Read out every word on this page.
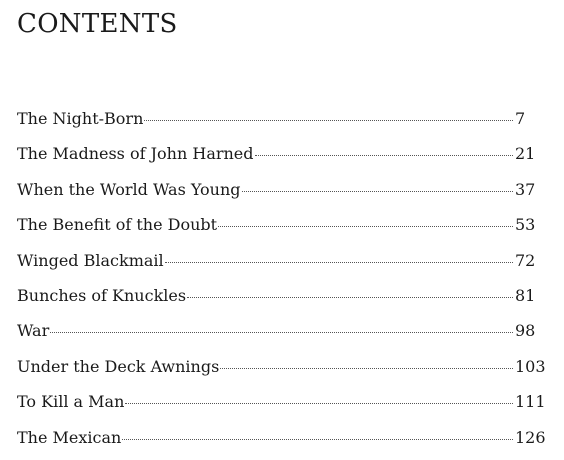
CONTENTS
The Night-Born	7
The Madness of John Harned	21
When the World Was Young	37
The Benefit of the Doubt	53
Winged Blackmail	72
Bunches of Knuckles	81
War	98
Under the Deck Awnings	103
To Kill a Man	111
The Mexican	126
